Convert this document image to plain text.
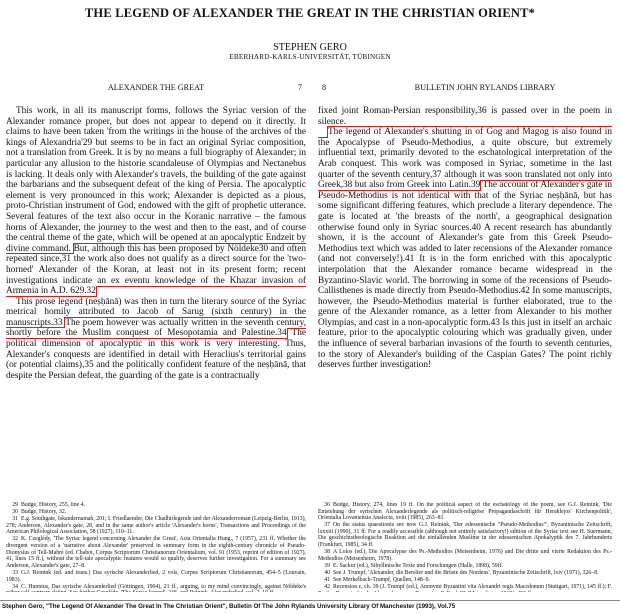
THE LEGEND OF ALEXANDER THE GREAT IN THE CHRISTIAN ORIENT*
STEPHEN GERO
EBERHARD-KARLS-UNIVERSITÄT, TÜBINGEN
ALEXANDER THE GREAT	7

This work, in all its manuscript forms, follows the Syriac version of the Alexander romance proper, but does not appear to depend on it directly. It claims to have been taken 'from the writings in the house of the archives of the kings of Alexandria'29 but seems to be in fact an original Syriac composition, not a translation from Greek. It is by no means a full biography of Alexander; in particular any allusion to the historie scandaleuse of Olympias and Nectanebus is lacking. It deals only with Alexander's travels, the building of the gate against the barbarians and the subsequent defeat of the king of Persia. The apocalyptic element is very pronounced in this work; Alexander is depicted as a pious, proto-Christian instrument of God, endowed with the gift of prophetic utterance. Several features of the text also occur in the Koranic narrative – the famous horns of Alexander, the journey to the west and then to the east, and of course the central theme of the gate, which will be opened at an apocalyptic Endzeit by divine command. But, although this has been proposed by Nöldeke30 and often repeated since,31 the work also does not qualify as a direct source for the 'two-horned' Alexander of the Koran, at least not in its present form; recent investigations indicate an ex eventu knowledge of the Khazar invasion of Armenia in A.D. 629.32

This prose legend (neṣḥānā) was then in turn the literary source of the Syriac metrical homily attributed to Jacob of Sarug (sixth century) in the manuscripts.33 The poem however was actually written in the seventh century, shortly before the Muslim conquest of Mesopotamia and Palestine.34 The political dimension of apocalyptic in this work is very interesting. Thus, Alexander's conquests are identified in detail with Heraclius's territorial gains (or potential claims),35 and the politically confident feature of the neṣḥānā, that despite the Persian defeat, the guarding of the gate is a contractually

29 Budge, History, 255, line 4.
30 Budge, History, 32.
31 E.g. Southgate, Iskandernamah, 201; I. Friedlaender, Die Chadhirlegende und der Alexanderroman (Leipzig-Berlin, 1913), 278; Anderson, Alexander's gate, 28, and in the same author's article 'Alexander's horns', Transactions and Proceedings of the American Philological Association, 58 (1927), 110–11.
32 K. Czeglédy, 'The Syriac legend concerning Alexander the Great', Acta Orientalia Hung., 7 (1957), 231 ff. Whether the divergent version of a 'narrative about Alexander' preserved in summary form in the eighth-century chronicle of Pseudo-Dionysius of Tell-Mahré (ed. Chabot, Corpus Scriptorum Christianorum Orientalium, vol. 91 (1953, reprint of edition of 1927), 41, lines 15 ff.), without the tell-tale apocalyptic features would so qualify, deserves further investigation. For a summary see Anderson, Alexander's gate, 27–8.
33 G.J. Reinink (ed. and trans.) Das syrische Alexanderlied, 2 vols, Corpus Scriptorum Christianorum, 454–5 (Louvain, 1983).
34 C. Hunnius, Das syrische Alexanderlied (Göttingen, 1904), 21 ff., arguing, to my mind convincingly, against Nöldeke's
8	BULLETIN JOHN RYLANDS LIBRARY

fixed joint Roman-Persian responsibility,36 is passed over in the poem in silence.

The legend of Alexander's shutting in of Gog and Magog is also found in the Apocalypse of Pseudo-Methodius, a quite obscure, but extremely influential text, primarily devoted to the eschatological interpretation of the Arab conquest. This work was composed in Syriac, sometime in the last quarter of the seventh century,37 although it was soon translated not only into Greek,38 but also from Greek into Latin.39 The account of Alexander's gate in Pseudo-Methodius is not identical with that of the Syriac neṣḥānā, but has some significant differing features, which preclude a literary dependence. The gate is located at 'the breasts of the north', a geographical designation otherwise found only in Syriac sources.40 A recent research has abundantly shown, it is the account of Alexander's gate from this Greek Pseudo-Methodius text which was added to later recensions of the Alexander romance (and not conversely!).41 It is in the form enriched with this apocalyptic interpolation that the Alexander romance became widespread in the Byzantino-Slavic world. The borrowing in some of the recensions of Pseudo-Callisthenes is made directly from Pseudo-Methodius.42 In some manuscripts, however, the Pseudo-Methodius material is further elaborated, true to the genre of the Alexander romance, as a letter from Alexander to his mother Olympias, and cast in a non-apocalyptic form.43 Is this just in itself an archaic feature, prior to the apocalyptic colouring which was gradually given, under the influence of several barbarian invasions of the fourth to seventh centuries, to the story of Alexander's building of the Caspian Gates? The point richly deserves further investigation!

36 Budge, History, 274, lines 19 ff. On the political aspect of the eschatology of the poem, see G.J. Reinink, 'Die Entstehung der syrischen Alexanderlegende als politisch-religiöse Propagandaschrift für Heraklejos' Kirchenpolitik', Orientalia Lovaniensia Analecta, xviii (1985), 263–81.
37 On the status quaestionis see now G.J. Reinink, 'Der edessenische "Pseudo-Methodius"', Byzantinische Zeitschrift, lxxxiii (1990), 31 ff. For a readily accessible (although not entirely satisfactory!) edition of the Syriac text see H. Suermann, Die geschichtstheologische Reaktion auf die einfallenden Muslime in der edessenischen Apokalyptik des 7. Jahrhunderts (Frankfurt, 1985), 34 ff.
38 A Lolos (ed.), Die Apocalypse des Ps.-Methodios (Meisenheim, 1976) and Die dritte und vierte Redaktion des Ps.-Methodios (Meisenheim, 1978).
39 E. Sackur (ed.), Sibyllinische Texte und Forschungen (Halle, 1898), 59ff.
40 See J. Trumpf, 'Alexander, die Berslier und die Brüste des Nordens', Byzantinische Zeitschrift, lxiv (1971), 326–8.
41 See Merkelbach-Trumpf, Quellen, 148–9.
42 Recension ε, ch. 39 (J. Trumpf (ed.), Anonymi Byzantini vita Alexandri regis Macedonum (Stuttgart, 1971), 145 ff.); F.
Stephen Gero, "The Legend Of Alexander The Great In The Christian Orient", Bulletin Of The John Rylands University Library Of Manchester (1993), Vol.75
